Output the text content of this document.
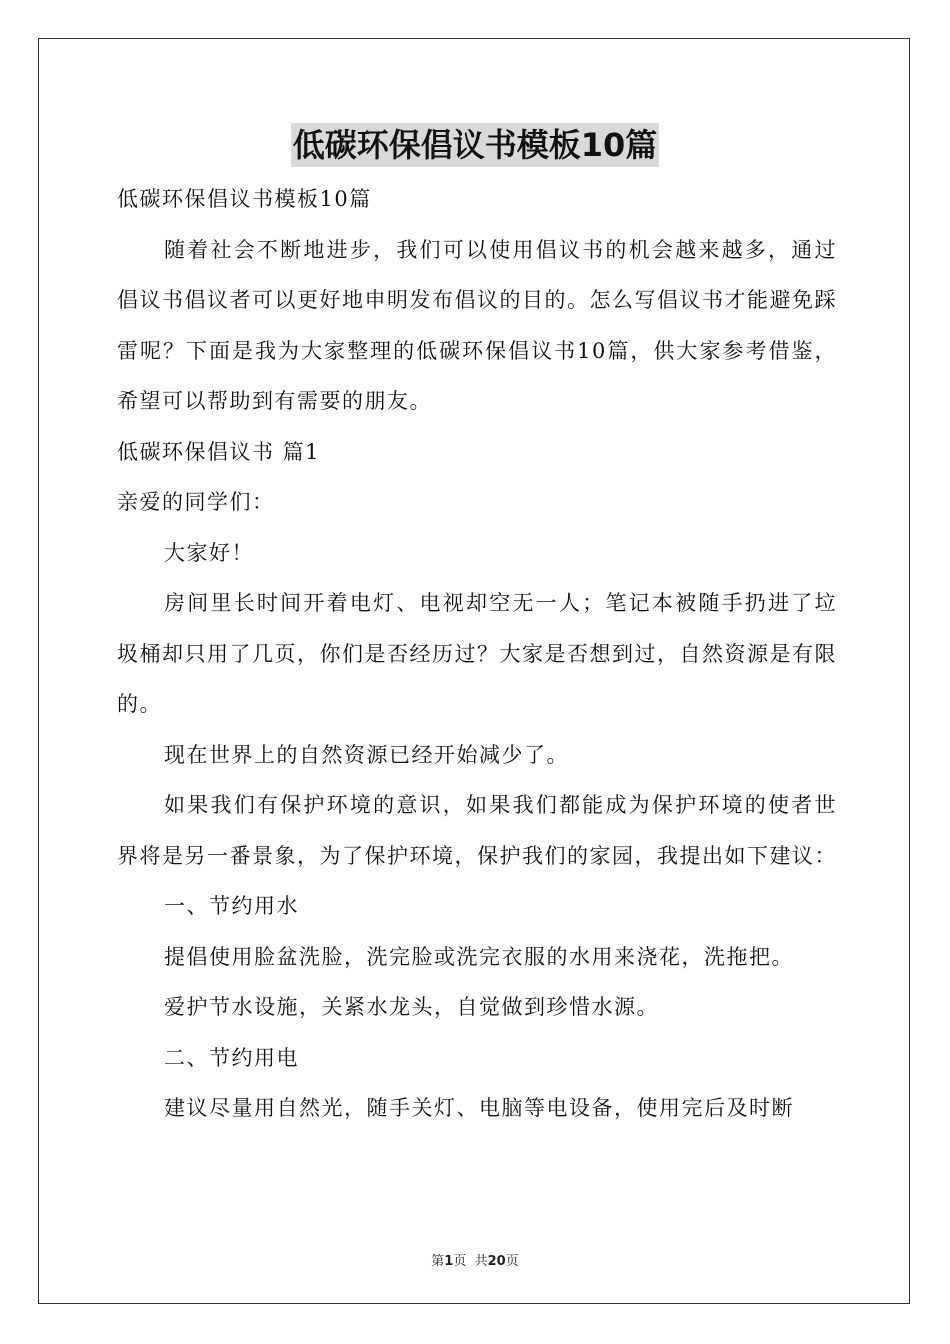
低碳环保倡议书模板10篇

低碳环保倡议书模板10篇

随着社会不断地进步，我们可以使用倡议书的机会越来越多，通过倡议书倡议者可以更好地申明发布倡议的目的。怎么写倡议书才能避免踩雷呢？下面是我为大家整理的低碳环保倡议书10篇，供大家参考借鉴，希望可以帮助到有需要的朋友。

低碳环保倡议书 篇1

亲爱的同学们：

大家好！

房间里长时间开着电灯、电视却空无一人；笔记本被随手扔进了垃圾桶却只用了几页，你们是否经历过？大家是否想到过，自然资源是有限的。

现在世界上的自然资源已经开始减少了。

如果我们有保护环境的意识，如果我们都能成为保护环境的使者世界将是另一番景象，为了保护环境，保护我们的家园，我提出如下建议：

一、节约用水

提倡使用脸盆洗脸，洗完脸或洗完衣服的水用来浇花，洗拖把。

爱护节水设施，关紧水龙头，自觉做到珍惜水源。

二、节约用电

建议尽量用自然光，随手关灯、电脑等电设备，使用完后及时断

第1页  共20页
